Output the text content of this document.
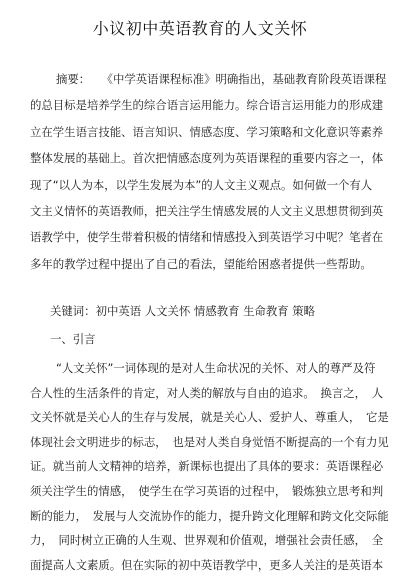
小议初中英语教育的人文关怀
摘要：　　《中学英语课程标准》明确指出，基础教育阶段英语课程
的总目标是培养学生的综合语言运用能力。综合语言运用能力的形成建
立在学生语言技能、语言知识、情感态度、学习策略和文化意识等素养
整体发展的基础上。首次把情感态度列为英语课程的重要内容之一，体
现了“以人为本，以学生发展为本”的人文主义观点。如何做一个有人
文主义情怀的英语教师，把关注学生情感发展的人文主义思想贯彻到英
语教学中，使学生带着积极的情绪和情感投入到英语学习中呢？笔者在
多年的教学过程中提出了自己的看法，望能给困惑者提供一些帮助。
关键词：初中英语 人文关怀 情感教育 生命教育 策略
一、引言
“人文关怀”一词体现的是对人生命状况的关怀、对人的尊严及符
合人性的生活条件的肯定，对人类的解放与自由的追求。　换言之，　人
文关怀就是关心人的生存与发展，就是关心人、爱护人、尊重人，　它是
体现社会文明进步的标志，　也是对人类自身觉悟不断提高的一个有力见
证。就当前人文精神的培养，新课标也提出了具体的要求：英语课程必
须关注学生的情感，　使学生在学习英语的过程中，　锻炼独立思考和判
断的能力，　发展与人交流协作的能力，提升跨文化理解和跨文化交际能
力，　同时树立正确的人生观、世界观和价值观，增强社会责任感，　全
面提高人文素质。但在实际的初中英语教学中，更多人关注的是英语本
